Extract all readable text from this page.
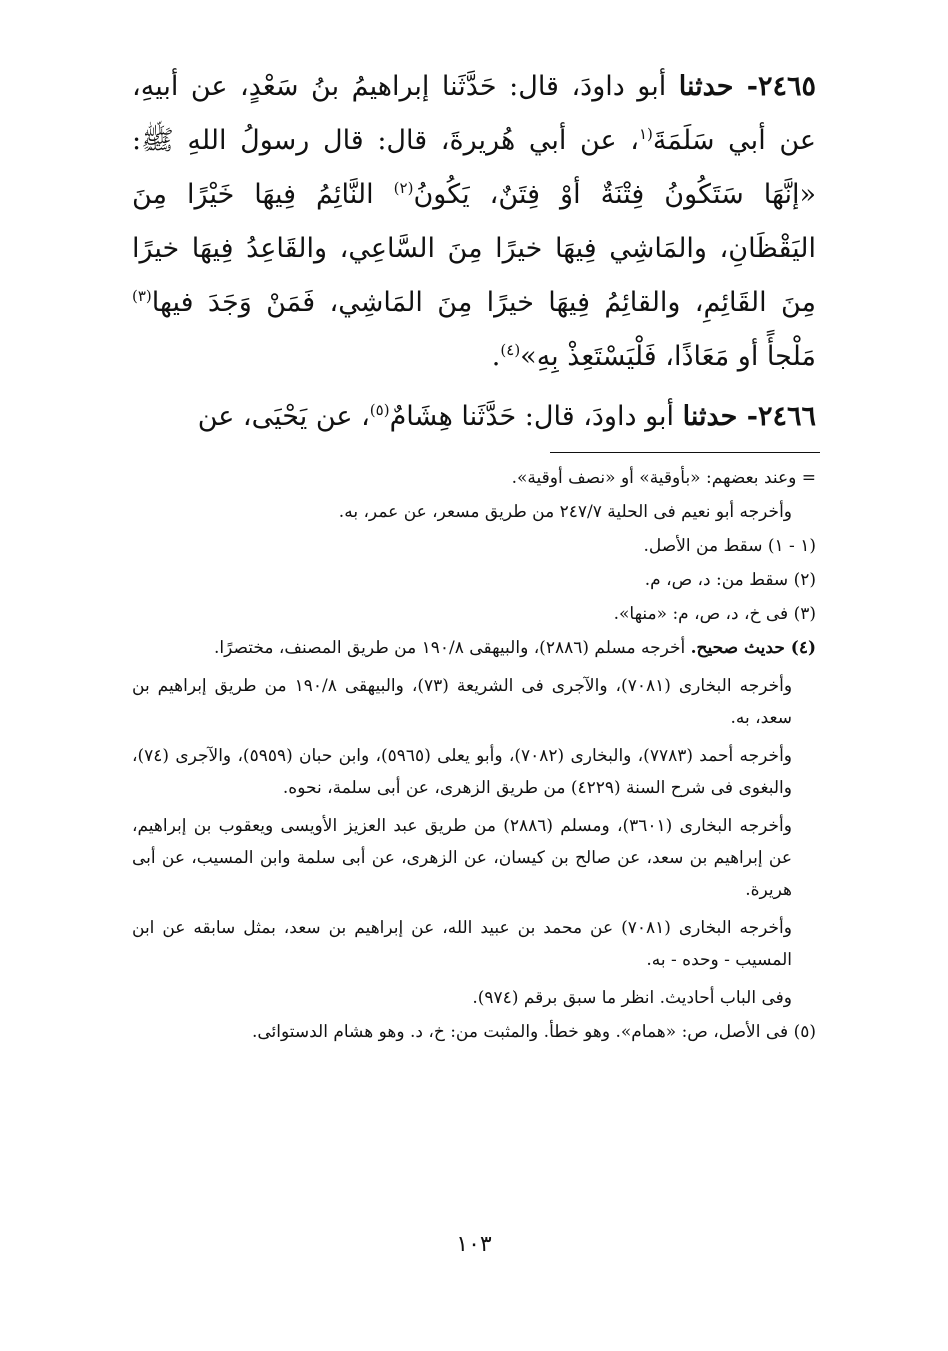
٢٤٦٥- حدثنا أبو داودَ، قال: حَدَّثَنا إبراهيمُ بنُ سَعْدٍ، عن أبيهِ، عن أبي سَلَمَةَ$^{(١}$، عن أبي هُريرةَ، قال: قال رسولُ اللهِ ﷺ: «إنَّهَا سَتَكُونُ فِتْنَةٌ أوْ فِتَنٌ، يَكُونُ$^{(٢)}$ النَّائِمُ فِيهَا خَيْرًا مِنَ اليَقْظَانِ، والمَاشِي فِيهَا خيرًا مِنَ السَّاعِي، والقَاعِدُ فِيهَا خيرًا مِنَ القَائِمِ، والقائِمُ فِيهَا خيرًا مِنَ المَاشِي، فَمَنْ وَجَدَ فيها$^{(٣)}$ مَلْجأً أو مَعَاذًا، فَلْيَسْتَعِذْ بِهِ»$^{(٤)}$.

٢٤٦٦- حدثنا أبو داودَ، قال: حَدَّثَنا هِشَامٌ$^{(٥)}$، عن يَحْيَى، عن

= وعند بعضهم: «بأوقية» أو «نصف أوقية».

وأخرجه أبو نعيم فى الحلية ٢٤٧/٧ من طريق مسعر، عن عمر، به.

(١ - ١) سقط من الأصل.

(٢) سقط من: د، ص، م.

(٣) فى خ، د، ص، م: «منها».

(٤) حديث صحيح. أخرجه مسلم (٢٨٨٦)، والبيهقى ١٩٠/٨ من طريق المصنف، مختصرًا.

وأخرجه البخارى (٧٠٨١)، والآجرى فى الشريعة (٧٣)، والبيهقى ١٩٠/٨ من طريق إبراهيم بن سعد، به.

وأخرجه أحمد (٧٧٨٣)، والبخارى (٧٠٨٢)، وأبو يعلى (٥٩٦٥)، وابن حبان (٥٩٥٩)، والآجرى (٧٤)، والبغوى فى شرح السنة (٤٢٢٩) من طريق الزهرى، عن أبى سلمة، نحوه.

وأخرجه البخارى (٣٦٠١)، ومسلم (٢٨٨٦) من طريق عبد العزيز الأويسى ويعقوب بن إبراهيم، عن إبراهيم بن سعد، عن صالح بن كيسان، عن الزهرى، عن أبى سلمة وابن المسيب، عن أبى هريرة.

وأخرجه البخارى (٧٠٨١) عن محمد بن عبيد الله، عن إبراهيم بن سعد، بمثل سابقه عن ابن المسيب - وحده - به.

وفى الباب أحاديث. انظر ما سبق برقم (٩٧٤).

(٥) فى الأصل، ص: «همام». وهو خطأ. والمثبت من: خ، د. وهو هشام الدستوائى.

١٠٣
